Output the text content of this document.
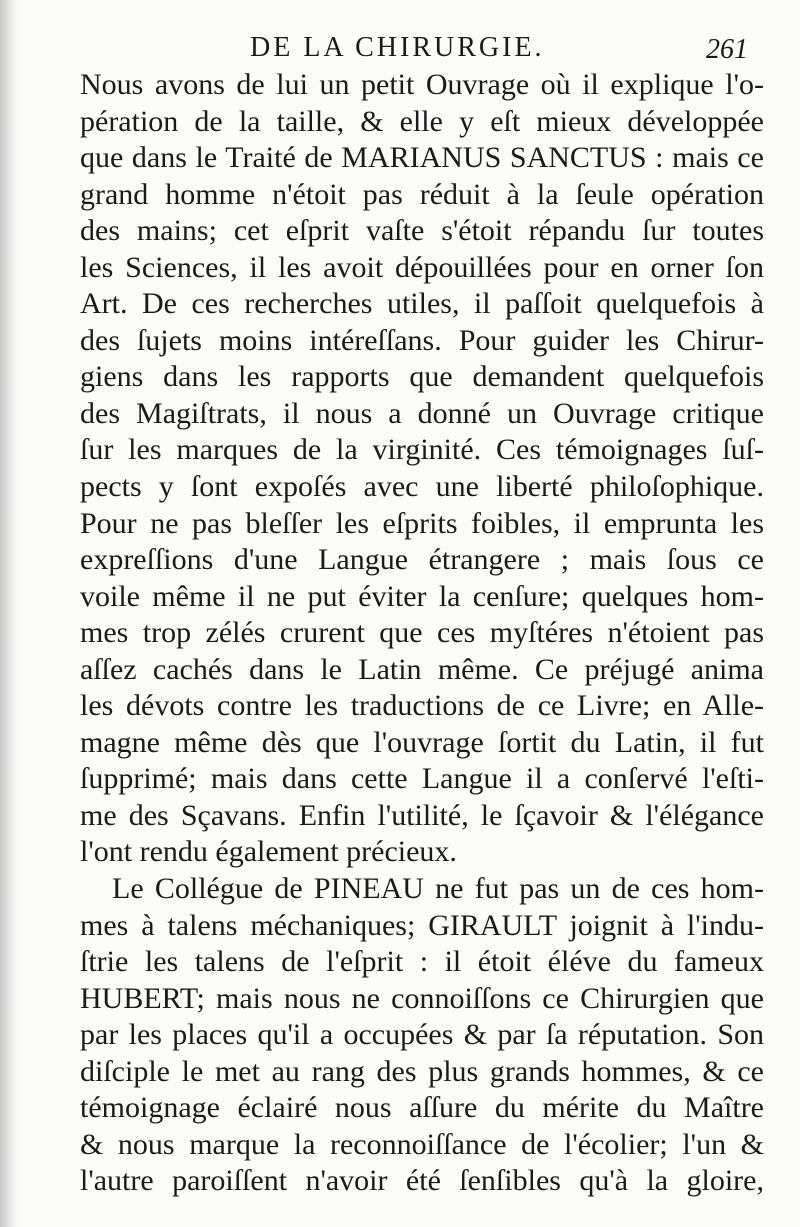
DE LA CHIRURGIE.	261
Nous avons de lui un petit Ouvrage où il explique l'o-
pération de la taille, & elle y eſt mieux développée
que dans le Traité de MARIANUS SANCTUS : mais ce
grand homme n'étoit pas réduit à la ſeule opération
des mains; cet eſprit vaſte s'étoit répandu ſur toutes
les Sciences, il les avoit dépouillées pour en orner ſon
Art. De ces recherches utiles, il paſſoit quelquefois à
des ſujets moins intéreſſans. Pour guider les Chirur-
giens dans les rapports que demandent quelquefois
des Magiſtrats, il nous a donné un Ouvrage critique
ſur les marques de la virginité. Ces témoignages ſuſ-
pects y ſont expoſés avec une liberté philoſophique.
Pour ne pas bleſſer les eſprits foibles, il emprunta les
expreſſions d'une Langue étrangere ; mais ſous ce
voile même il ne put éviter la cenſure; quelques hom-
mes trop zélés crurent que ces myſtéres n'étoient pas
aſſez cachés dans le Latin même. Ce préjugé anima
les dévots contre les traductions de ce Livre; en Alle-
magne même dès que l'ouvrage ſortit du Latin, il fut
ſupprimé; mais dans cette Langue il a conſervé l'eſti-
me des Sçavans. Enfin l'utilité, le ſçavoir & l'élégance
l'ont rendu également précieux.
Le Collégue de PINEAU ne fut pas un de ces hom-
mes à talens méchaniques; GIRAULT joignit à l'indu-
ſtrie les talens de l'eſprit : il étoit éléve du fameux
HUBERT; mais nous ne connoiſſons ce Chirurgien que
par les places qu'il a occupées & par ſa réputation. Son
diſciple le met au rang des plus grands hommes, & ce
témoignage éclairé nous aſſure du mérite du Maître
& nous marque la reconnoiſſance de l'écolier; l'un &
l'autre paroiſſent n'avoir été ſenſibles qu'à la gloire,
